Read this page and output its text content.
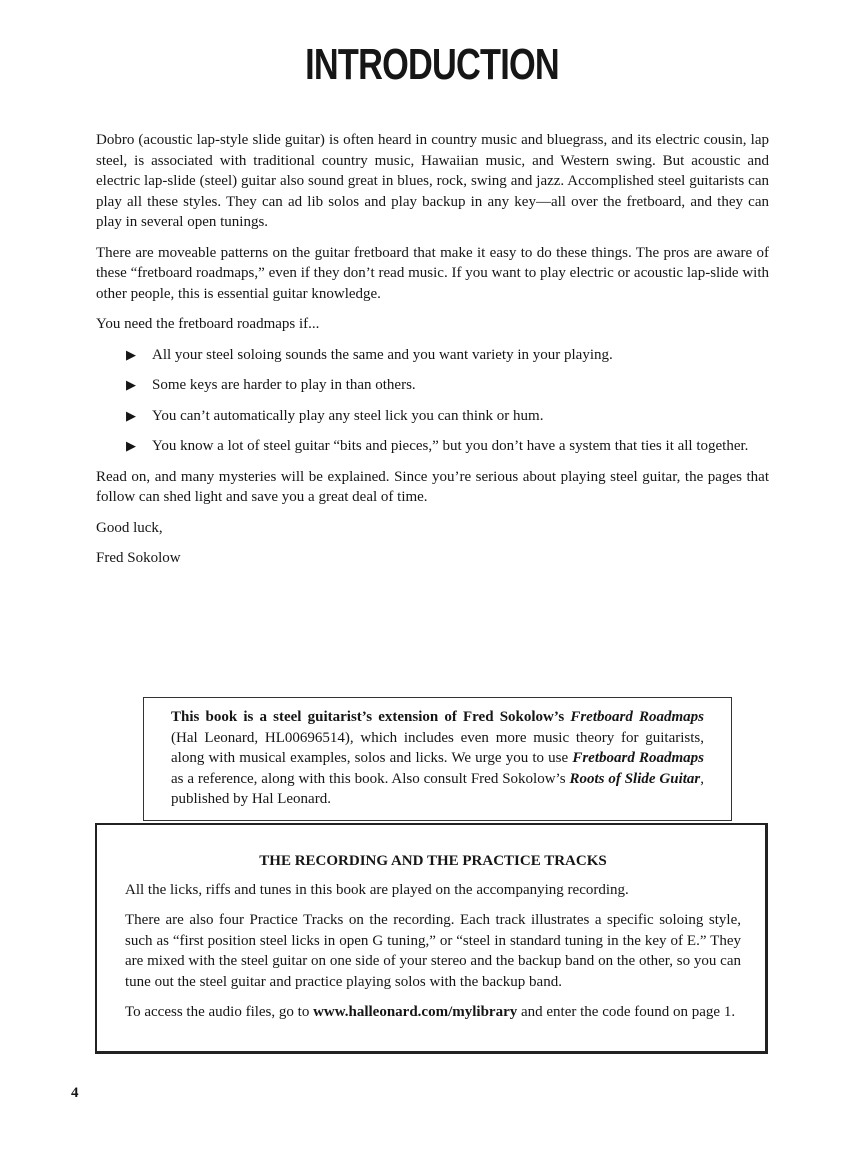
INTRODUCTION

Dobro (acoustic lap-style slide guitar) is often heard in country music and bluegrass, and its electric cousin, lap steel, is associated with traditional country music, Hawaiian music, and Western swing. But acoustic and electric lap-slide (steel) guitar also sound great in blues, rock, swing and jazz. Accomplished steel guitarists can play all these styles. They can ad lib solos and play backup in any key—all over the fretboard, and they can play in several open tunings.

There are moveable patterns on the guitar fretboard that make it easy to do these things. The pros are aware of these “fretboard roadmaps,” even if they don’t read music. If you want to play electric or acoustic lap-slide with other people, this is essential guitar knowledge.

You need the fretboard roadmaps if...

▶ All your steel soloing sounds the same and you want variety in your playing.
▶ Some keys are harder to play in than others.
▶ You can’t automatically play any steel lick you can think or hum.
▶ You know a lot of steel guitar “bits and pieces,” but you don’t have a system that ties it all together.

Read on, and many mysteries will be explained. Since you’re serious about playing steel guitar, the pages that follow can shed light and save you a great deal of time.

Good luck,

Fred Sokolow

This book is a steel guitarist’s extension of Fred Sokolow’s Fretboard Roadmaps (Hal Leonard, HL00696514), which includes even more music theory for guitarists, along with musical examples, solos and licks. We urge you to use Fretboard Roadmaps as a reference, along with this book. Also consult Fred Sokolow’s Roots of Slide Guitar, published by Hal Leonard.
THE RECORDING AND THE PRACTICE TRACKS

All the licks, riffs and tunes in this book are played on the accompanying recording.

There are also four Practice Tracks on the recording. Each track illustrates a specific soloing style, such as “first position steel licks in open G tuning,” or “steel in standard tuning in the key of E.” They are mixed with the steel guitar on one side of your stereo and the backup band on the other, so you can tune out the steel guitar and practice playing solos with the backup band.

To access the audio files, go to www.halleonard.com/mylibrary and enter the code found on page 1.

4
